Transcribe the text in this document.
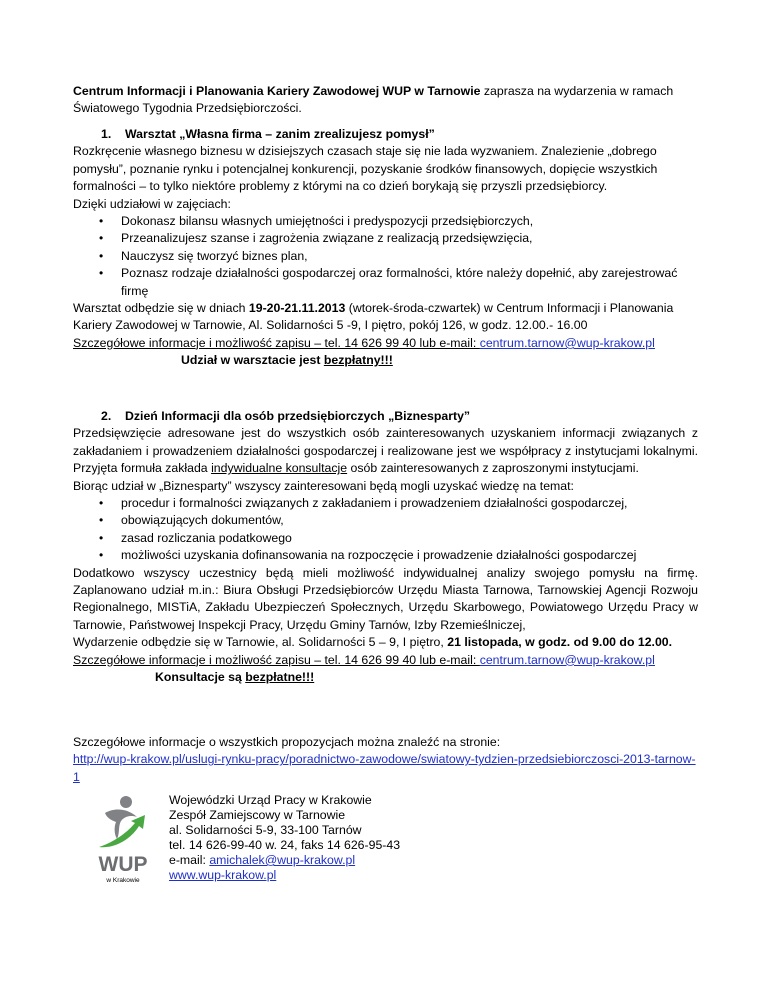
Centrum Informacji i Planowania Kariery Zawodowej WUP w Tarnowie zaprasza na wydarzenia w ramach Światowego Tygodnia Przedsiębiorczości.

1. Warsztat „Własna firma – zanim zrealizujesz pomysł”

Rozkręcenie własnego biznesu w dzisiejszych czasach staje się nie lada wyzwaniem. Znalezienie „dobrego pomysłu”, poznanie rynku i potencjalnej konkurencji, pozyskanie środków finansowych, dopięcie wszystkich formalności – to tylko niektóre problemy z którymi na co dzień borykają się przyszli przedsiębiorcy.

Dzięki udziałowi w zajęciach:

• Dokonasz bilansu własnych umiejętności i predyspozycji przedsiębiorczych,
• Przeanalizujesz szanse i zagrożenia związane z realizacją przedsięwzięcia,
• Nauczysz się tworzyć biznes plan,
• Poznasz rodzaje działalności gospodarczej oraz formalności, które należy dopełnić, aby zarejestrować firmę

Warsztat odbędzie się w dniach 19-20-21.11.2013 (wtorek-środa-czwartek) w Centrum Informacji i Planowania Kariery Zawodowej w Tarnowie, Al. Solidarności 5 -9, I piętro, pokój 126, w godz. 12.00.- 16.00

Szczegółowe informacje i możliwość zapisu – tel. 14 626 99 40 lub e-mail: centrum.tarnow@wup-krakow.pl

Udział w warsztacie jest bezpłatny!!!

2. Dzień Informacji dla osób przedsiębiorczych „Biznesparty”

Przedsięwzięcie adresowane jest do wszystkich osób zainteresowanych uzyskaniem informacji związanych z zakładaniem i prowadzeniem działalności gospodarczej i realizowane jest we współpracy z instytucjami lokalnymi. Przyjęta formuła zakłada indywidualne konsultacje osób zainteresowanych z zaproszonymi instytucjami.

Biorąc udział w „Biznesparty” wszyscy zainteresowani będą mogli uzyskać wiedzę na temat:

• procedur i formalności związanych z zakładaniem i prowadzeniem działalności gospodarczej,
• obowiązujących dokumentów,
• zasad rozliczania podatkowego
• możliwości uzyskania dofinansowania na rozpoczęcie i prowadzenie działalności gospodarczej

Dodatkowo wszyscy uczestnicy będą mieli możliwość indywidualnej analizy swojego pomysłu na firmę. Zaplanowano udział m.in.: Biura Obsługi Przedsiębiorców Urzędu Miasta Tarnowa, Tarnowskiej Agencji Rozwoju Regionalnego, MISTiA, Zakładu Ubezpieczeń Społecznych, Urzędu Skarbowego, Powiatowego Urzędu Pracy w Tarnowie, Państwowej Inspekcji Pracy, Urzędu Gminy Tarnów, Izby Rzemieślniczej,

Wydarzenie odbędzie się w Tarnowie, al. Solidarności 5 – 9, I piętro, 21 listopada, w godz. od 9.00 do 12.00.

Szczegółowe informacje i możliwość zapisu – tel. 14 626 99 40 lub e-mail: centrum.tarnow@wup-krakow.pl

Konsultacje są bezpłatne!!!

Szczegółowe informacje o wszystkich propozycjach można znaleźć na stronie:

http://wup-krakow.pl/uslugi-rynku-pracy/poradnictwo-zawodowe/swiatowy-tydzien-przedsiebiorczosci-2013-tarnow-1

WUP
w Krakowie
Wojewódzki Urząd Pracy w Krakowie
Zespół Zamiejscowy w Tarnowie
al. Solidarności 5-9, 33-100 Tarnów
tel. 14 626-99-40 w. 24, faks 14 626-95-43
e-mail: amichalek@wup-krakow.pl
www.wup-krakow.pl
